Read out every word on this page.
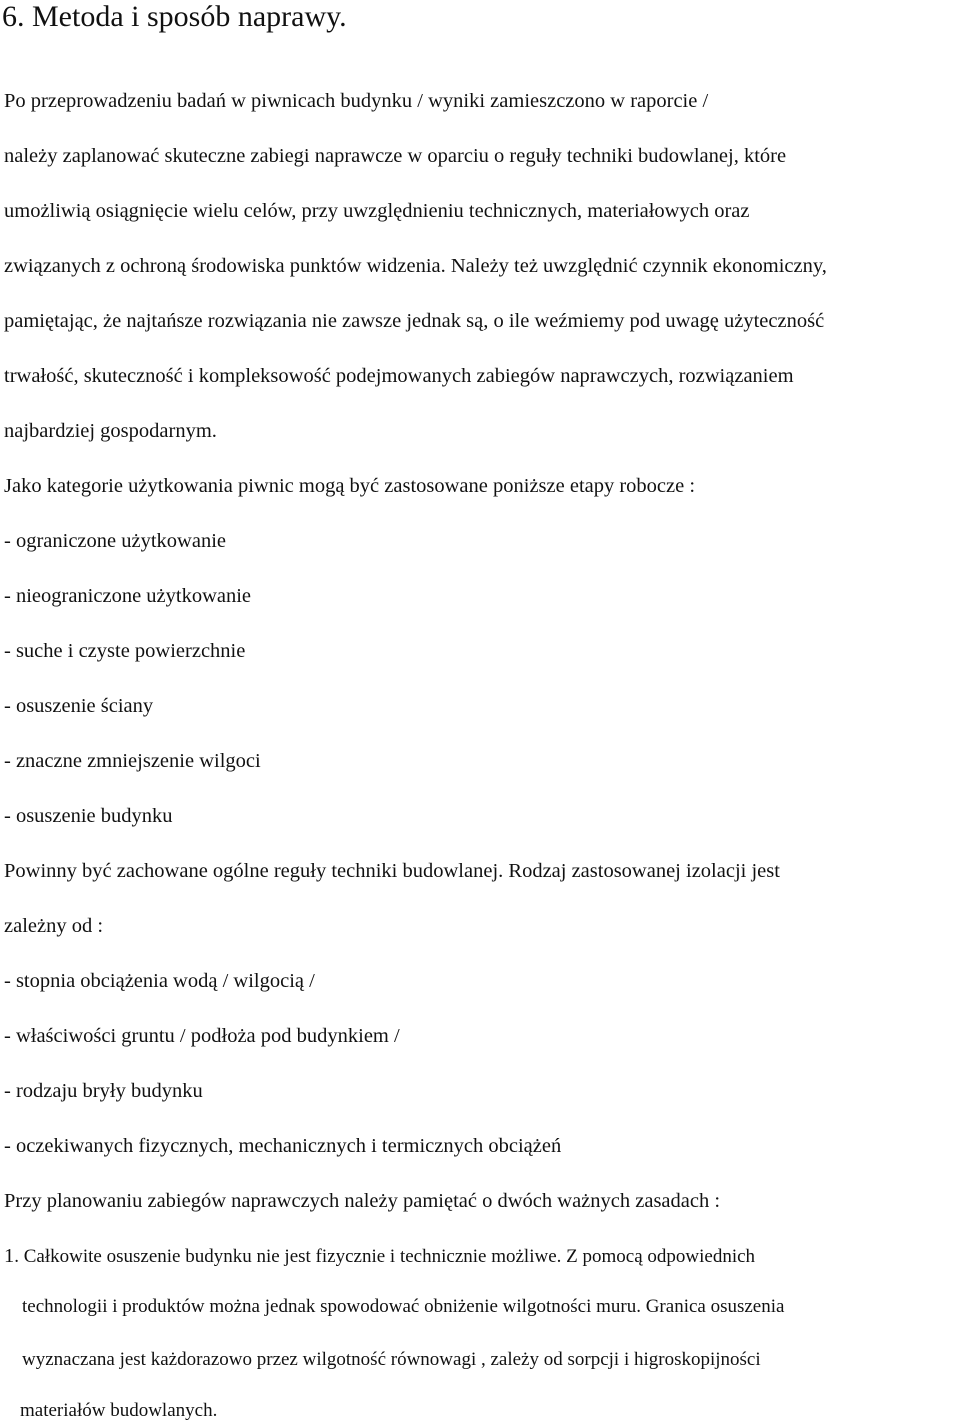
6. Metoda i sposób naprawy.
Po przeprowadzeniu badań w piwnicach budynku / wyniki zamieszczono w raporcie /
należy zaplanować skuteczne zabiegi naprawcze w oparciu o reguły techniki budowlanej, które
umożliwią osiągnięcie wielu celów, przy uwzględnieniu technicznych, materiałowych oraz
związanych z ochroną środowiska punktów widzenia. Należy też uwzględnić czynnik ekonomiczny,
pamiętając, że najtańsze rozwiązania nie zawsze jednak są, o ile weźmiemy pod uwagę użyteczność
trwałość, skuteczność i kompleksowość podejmowanych zabiegów naprawczych, rozwiązaniem
najbardziej gospodarnym.
Jako kategorie użytkowania piwnic mogą być zastosowane poniższe etapy robocze :
- ograniczone użytkowanie
- nieograniczone użytkowanie
- suche i czyste powierzchnie
- osuszenie ściany
- znaczne zmniejszenie wilgoci
- osuszenie budynku
Powinny być zachowane ogólne reguły techniki budowlanej. Rodzaj zastosowanej izolacji jest
zależny od :
- stopnia obciążenia wodą / wilgocią /
- właściwości gruntu / podłoża pod budynkiem /
- rodzaju bryły budynku
- oczekiwanych fizycznych, mechanicznych i termicznych obciążeń
Przy planowaniu zabiegów naprawczych należy pamiętać o dwóch ważnych zasadach :
1. Całkowite osuszenie budynku nie jest fizycznie i technicznie możliwe. Z pomocą odpowiednich
technologii i produktów można jednak spowodować obniżenie wilgotności muru. Granica osuszenia
wyznaczana jest każdorazowo przez wilgotność równowagi , zależy od sorpcji i higroskopijności
materiałów budowlanych.
